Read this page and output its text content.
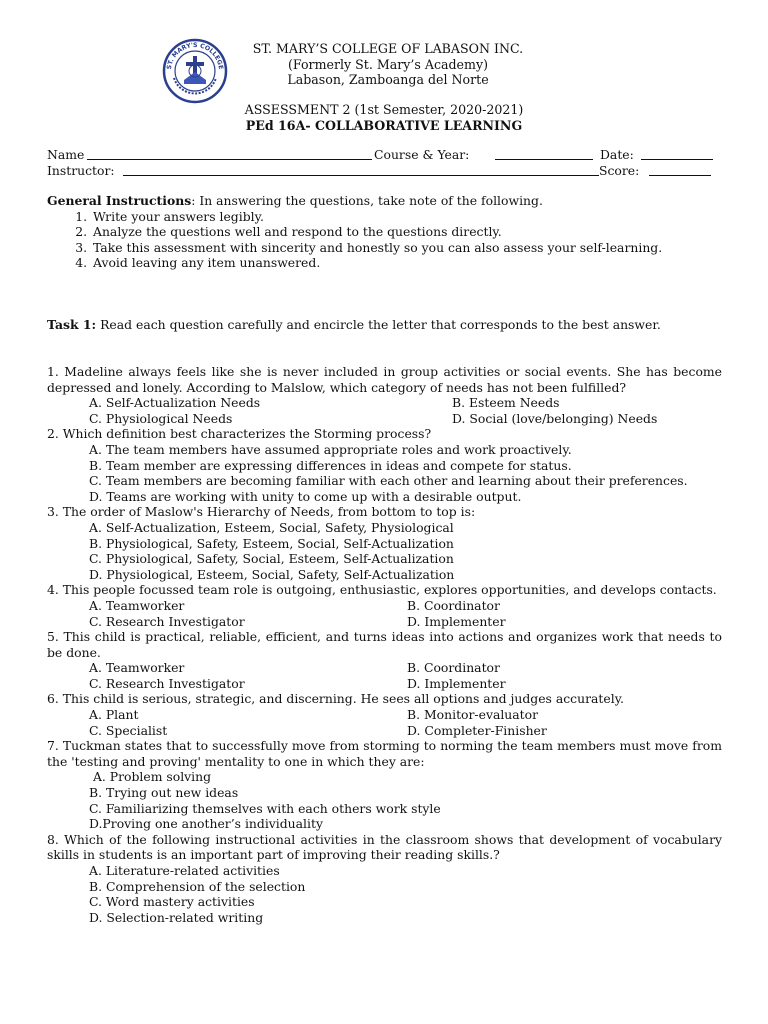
ST. MARY'S COLLEGE
ST. MARY’S COLLEGE OF LABASON INC.
(Formerly St. Mary’s Academy)
Labason, Zamboanga del Norte
ASSESSMENT 2 (1st Semester, 2020-2021)
PEd 16A- COLLABORATIVE LEARNING
Name	Course & Year:	Date:
Instructor:	Score:
General Instructions: In answering the questions, take note of the following.
1. Write your answers legibly.
2. Analyze the questions well and respond to the questions directly.
3. Take this assessment with sincerity and honestly so you can also assess your self-learning.
4. Avoid leaving any item unanswered.
Task 1: Read each question carefully and encircle the letter that corresponds to the best answer.
1. Madeline always feels like she is never included in group activities or social events. She has become depressed and lonely. According to Malslow, which category of needs has not been fulfilled?
A. Self-Actualization Needs	B. Esteem Needs
C. Physiological Needs	D. Social (love/belonging) Needs
2. Which definition best characterizes the Storming process?
A. The team members have assumed appropriate roles and work proactively.
B. Team member are expressing differences in ideas and compete for status.
C. Team members are becoming familiar with each other and learning about their preferences.
D. Teams are working with unity to come up with a desirable output.
3. The order of Maslow's Hierarchy of Needs, from bottom to top is:
A. Self-Actualization, Esteem, Social, Safety, Physiological
B. Physiological, Safety, Esteem, Social, Self-Actualization
C. Physiological, Safety, Social, Esteem, Self-Actualization
D. Physiological, Esteem, Social, Safety, Self-Actualization
4. This people focussed team role is outgoing, enthusiastic, explores opportunities, and develops contacts.
A. Teamworker	B. Coordinator
C. Research Investigator	D. Implementer
5. This child is practical, reliable, efficient, and turns ideas into actions and organizes work that needs to be done.
A. Teamworker	B. Coordinator
C. Research Investigator	D. Implementer
6. This child is serious, strategic, and discerning. He sees all options and judges accurately.
A. Plant	B. Monitor-evaluator
C. Specialist	D. Completer-Finisher
7. Tuckman states that to successfully move from storming to norming the team members must move from the 'testing and proving' mentality to one in which they are:
A. Problem solving
B. Trying out new ideas
C. Familiarizing themselves with each others work style
D.Proving one another’s individuality
8. Which of the following instructional activities in the classroom shows that development of vocabulary skills in students is an important part of improving their reading skills.?
A. Literature-related activities
B. Comprehension of the selection
C. Word mastery activities
D. Selection-related writing
